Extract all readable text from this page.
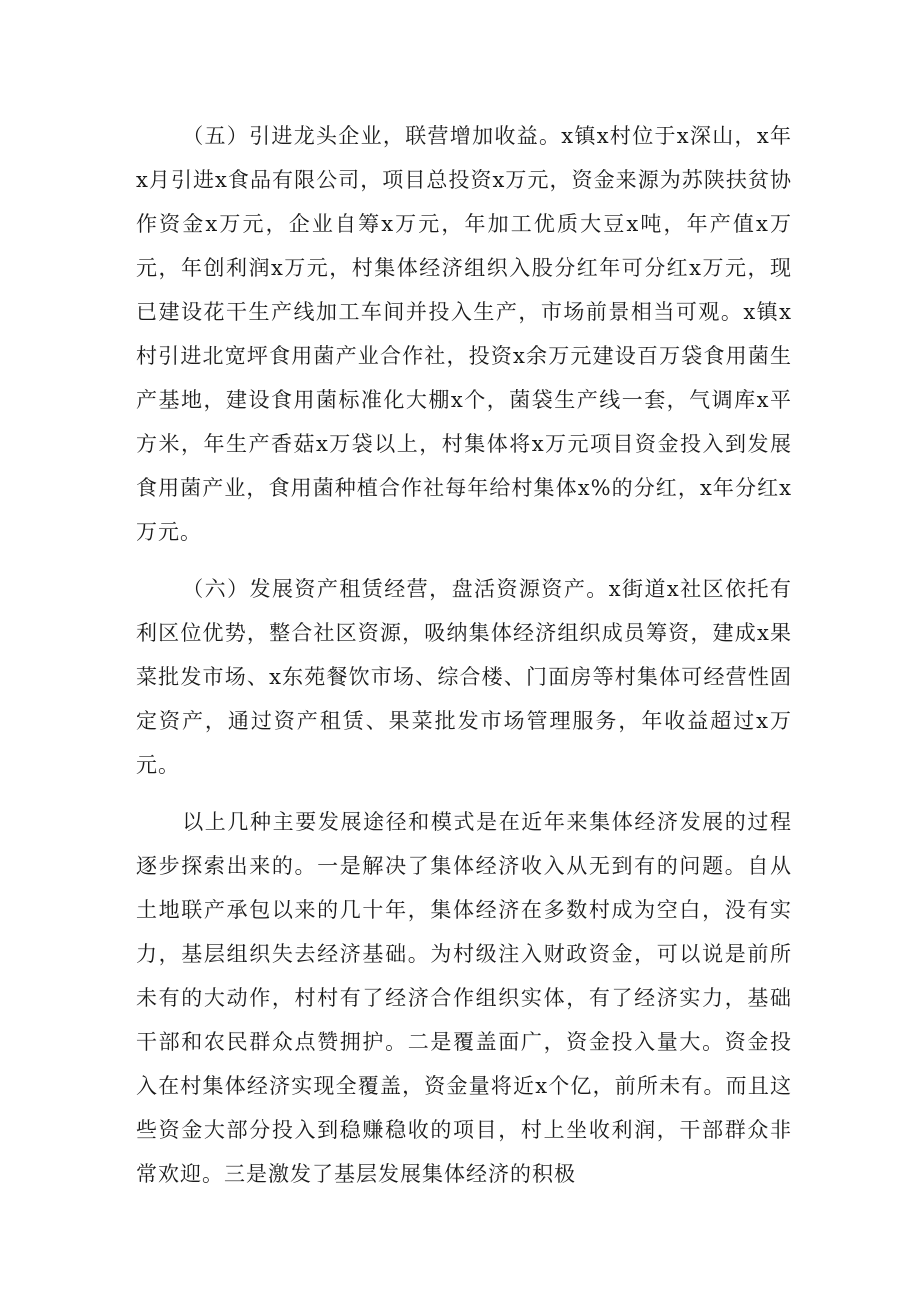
（五）引进龙头企业，联营增加收益。x镇x村位于x深山，x年x月引进x食品有限公司，项目总投资x万元，资金来源为苏陕扶贫协作资金x万元，企业自筹x万元，年加工优质大豆x吨，年产值x万元，年创利润x万元，村集体经济组织入股分红年可分红x万元，现已建设花干生产线加工车间并投入生产，市场前景相当可观。x镇x村引进北宽坪食用菌产业合作社，投资x余万元建设百万袋食用菌生产基地，建设食用菌标准化大棚x个，菌袋生产线一套，气调库x平方米，年生产香菇x万袋以上，村集体将x万元项目资金投入到发展食用菌产业，食用菌种植合作社每年给村集体x%的分红，x年分红x万元。

（六）发展资产租赁经营，盘活资源资产。x街道x社区依托有利区位优势，整合社区资源，吸纳集体经济组织成员筹资，建成x果菜批发市场、x东苑餐饮市场、综合楼、门面房等村集体可经营性固定资产，通过资产租赁、果菜批发市场管理服务，年收益超过x万元。

以上几种主要发展途径和模式是在近年来集体经济发展的过程逐步探索出来的。一是解决了集体经济收入从无到有的问题。自从土地联产承包以来的几十年，集体经济在多数村成为空白，没有实力，基层组织失去经济基础。为村级注入财政资金，可以说是前所未有的大动作，村村有了经济合作组织实体，有了经济实力，基础干部和农民群众点赞拥护。二是覆盖面广，资金投入量大。资金投入在村集体经济实现全覆盖，资金量将近x个亿，前所未有。而且这些资金大部分投入到稳赚稳收的项目，村上坐收利润，干部群众非常欢迎。三是激发了基层发展集体经济的积极
